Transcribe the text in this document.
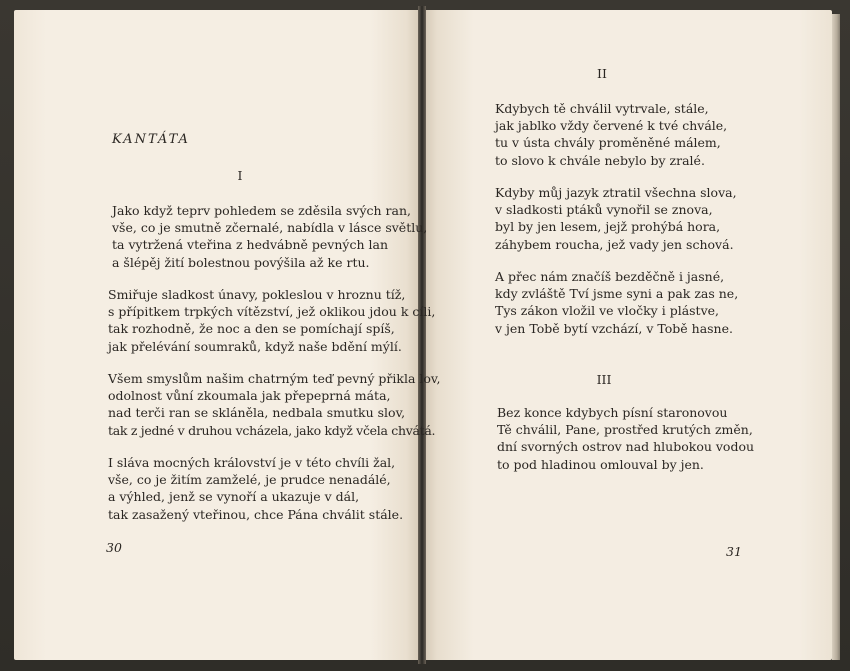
KANTÁTA
I
Jako když teprv pohledem se zděsila svých ran,
vše, co je smutně zčernalé, nabídla v lásce světlu,
ta vytržená vteřina z hedvábně pevných lan
a šlépěj žití bolestnou povýšila až ke rtu.
Smiřuje sladkost únavy, pokleslou v hroznu tíž,
s přípitkem trpkých vítězství, jež oklikou jdou k cíli,
tak rozhodně, že noc a den se pomíchají spíš,
jak přelévání soumraků, když naše bdění mýlí.
Všem smyslům našim chatrným teď pevný přikla lov,
odolnost vůní zkoumala jak přepeprná máta,
nad terči ran se skláněla, nedbala smutku slov,
tak z jedné v druhou vcházela, jako když včela chvátá.
I sláva mocných království je v této chvíli žal,
vše, co je žitím zamželé, je prudce nenadálé,
a výhled, jenž se vynoří a ukazuje v dál,
tak zasažený vteřinou, chce Pána chválit stále.
30
II
Kdybych tě chválil vytrvale, stále,
jak jablko vždy červené k tvé chvále,
tu v ústa chvály proměněné málem,
to slovo k chvále nebylo by zralé.
Kdyby můj jazyk ztratil všechna slova,
v sladkosti ptáků vynořil se znova,
byl by jen lesem, jejž prohýbá hora,
záhybem roucha, jež vady jen schová.
A přec nám značíš bezděčně i jasné,
kdy zvláště Tví jsme syni a pak zas ne,
Tys zákon vložil ve vločky i plástve,
v jen Tobě bytí vzchází, v Tobě hasne.
III
Bez konce kdybych písní staronovou
Tě chválil, Pane, prostřed krutých změn,
dní svorných ostrov nad hlubokou vodou
to pod hladinou omlouval by jen.
31
